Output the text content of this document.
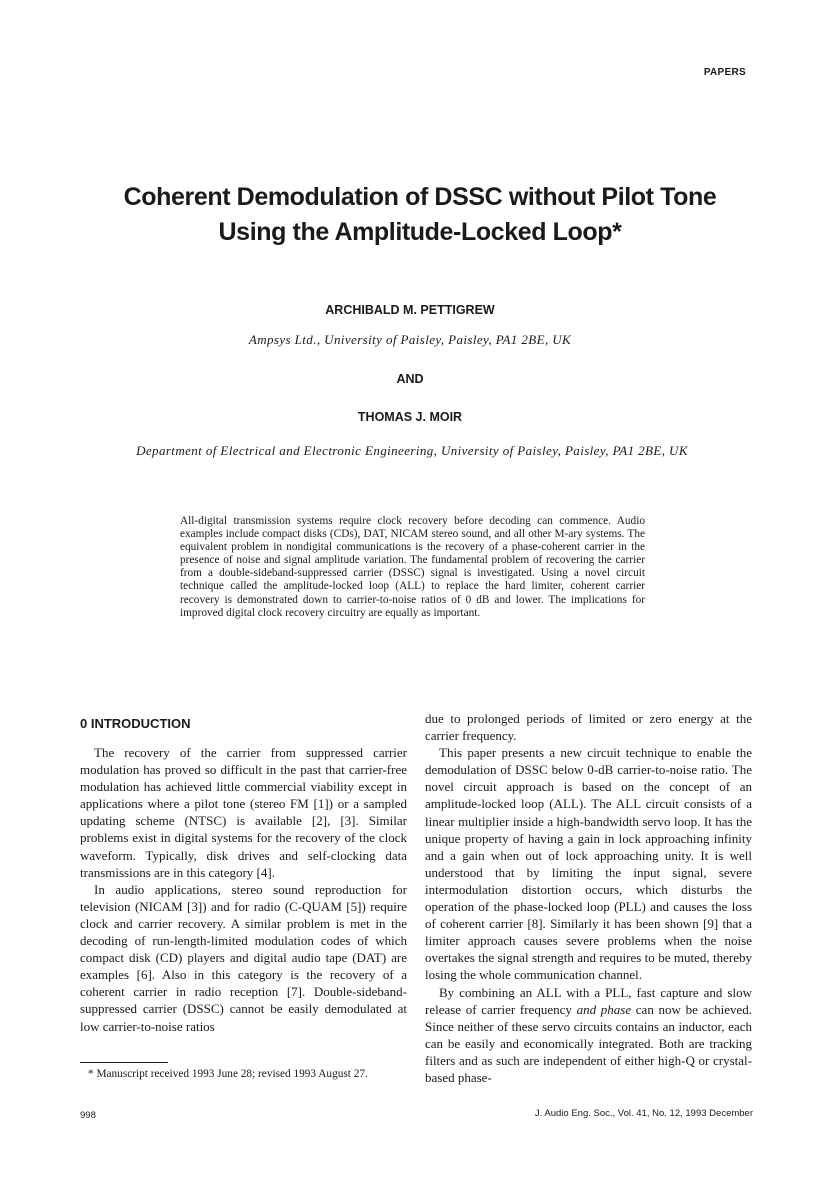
PAPERS
Coherent Demodulation of DSSC without Pilot Tone
Using the Amplitude-Locked Loop*
ARCHIBALD M. PETTIGREW
Ampsys Ltd., University of Paisley, Paisley, PA1 2BE, UK
AND
THOMAS J. MOIR
Department of Electrical and Electronic Engineering, University of Paisley, Paisley, PA1 2BE, UK
All-digital transmission systems require clock recovery before decoding can commence. Audio examples include compact disks (CDs), DAT, NICAM stereo sound, and all other M-ary systems. The equivalent problem in nondigital communications is the recovery of a phase-coherent carrier in the presence of noise and signal amplitude variation. The fundamental problem of recovering the carrier from a double-sideband-suppressed carrier (DSSC) signal is investigated. Using a novel circuit technique called the amplitude-locked loop (ALL) to replace the hard limiter, coherent carrier recovery is demonstrated down to carrier-to-noise ratios of 0 dB and lower. The implications for improved digital clock recovery circuitry are equally as important.
0 INTRODUCTION

The recovery of the carrier from suppressed carrier modulation has proved so difficult in the past that carrier-free modulation has achieved little commercial viability except in applications where a pilot tone (stereo FM [1]) or a sampled updating scheme (NTSC) is available [2], [3]. Similar problems exist in digital systems for the recovery of the clock waveform. Typically, disk drives and self-clocking data transmissions are in this category [4].

In audio applications, stereo sound reproduction for television (NICAM [3]) and for radio (C-QUAM [5]) require clock and carrier recovery. A similar problem is met in the decoding of run-length-limited modulation codes of which compact disk (CD) players and digital audio tape (DAT) are examples [6]. Also in this category is the recovery of a coherent carrier in radio reception [7]. Double-sideband-suppressed carrier (DSSC) cannot be easily demodulated at low carrier-to-noise ratios

due to prolonged periods of limited or zero energy at the carrier frequency.

This paper presents a new circuit technique to enable the demodulation of DSSC below 0-dB carrier-to-noise ratio. The novel circuit approach is based on the concept of an amplitude-locked loop (ALL). The ALL circuit consists of a linear multiplier inside a high-bandwidth servo loop. It has the unique property of having a gain in lock approaching infinity and a gain when out of lock approaching unity. It is well understood that by limiting the input signal, severe intermodulation distortion occurs, which disturbs the operation of the phase-locked loop (PLL) and causes the loss of coherent carrier [8]. Similarly it has been shown [9] that a limiter approach causes severe problems when the noise overtakes the signal strength and requires to be muted, thereby losing the whole communication channel.

By combining an ALL with a PLL, fast capture and slow release of carrier frequency and phase can now be achieved. Since neither of these servo circuits contains an inductor, each can be easily and economically integrated. Both are tracking filters and as such are independent of either high-Q or crystal-based phase-

* Manuscript received 1993 June 28; revised 1993 August 27.

998	J. Audio Eng. Soc., Vol. 41, No. 12, 1993 December
